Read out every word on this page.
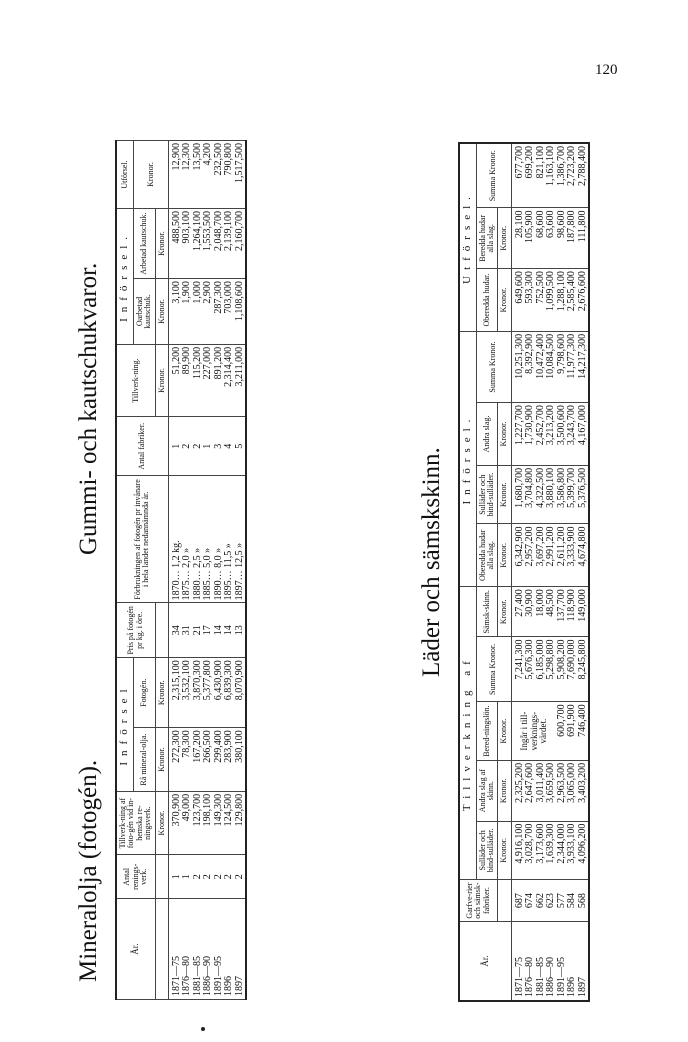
120
Mineralolja (fotogén).
Gummi- och kautschukvaror.
År.	Antal renings-verk.	Tillverk-ning af foto-gén vid in-hemska re-ningsverk.	Införsel		Pris på fotogén pr kg. i öre.	Förbrukningen af fotogén pr invånare i hela landet nedannämnda år.	Antal fabriker.	Tillverk-ning.	Införsel.		Utförsel.
			Rå mineral-olja.	Fotogén.					Oarbetad kautschuk.	Arbetad kautschuk.	Kronor.
		Kronor.	Kronor.	Kronor.				Kronor.	Kronor.	Kronor.	
1871—75	1	370,900	272,300	2,315,100	34	1870… 1,2 kg.	1	51,200	3,100	488,500	12,900
1876—80	1	49,000	78,300	3,532,100	31	1875… 2,0 »	2	89,900	1,900	903,100	12,300
1881—85	2	123,700	167,200	3,870,300	21	1880… 2,5 »	2	115,200	1,000	1,264,100	13,500
1886—90	2	198,100	266,500	5,377,800	17	1885… 5,0 »	1	227,000	2,900	1,553,500	4,200
1891—95	2	149,300	299,400	6,430,900	14	1890… 8,0 »	3	891,200	287,300	2,048,700	232,500
1896	2	124,500	283,900	6,839,300	14	1895… 11,5 »	4	2,314,400	703,000	2,139,100	790,800
1897	2	129,800	380,100	8,070,900	13	1897… 12,5 »	5	3,211,000	1,108,600	2,160,700	1,517,500
Läder och sämskskinn.
År.	Garfve-rier och sämsk-fabriker.	Tillverkning af					Införsel.				Utförsel.		
		Sulläder och bind-sulläder.	Andra slag af skinn.	Bered-ningslön.	Summa Kronor.	Sämsk-skinn.	Oberedda hudar alla slag.	Sulläder och bind-sulläder.	Andra slag.	Summa Kronor.	Oberedda hudar.	Beredda hudar alla slag.	Summa Kronor.
		Kronor.	Kronor.	Kronor.		Kronor.	Kronor.	Kronor.	Kronor.		Kronor.	Kronor.	
1871—75	687	4,916,100	2,325,200	Ingår i till-verknings-värdet.	7,241,300	27,400	6,342,900	1,680,700	1,227,700	10,251,300	649,600	28,100	677,700
1876—80	674	3,028,700	2,647,600		5,676,300	30,900	2,957,200	3,704,800	1,730,900	8,392,900	593,300	105,900	699,200
1881—85	662	3,173,600	3,011,400		6,185,000	18,000	3,697,200	4,322,500	2,452,700	10,472,400	752,500	68,600	821,100
1886—90	623	1,639,300	3,659,500		5,298,800	48,500	2,991,200	3,880,100	3,213,200	10,084,500	1,099,500	63,600	1,163,100
1891—95	577	2,344,000	2,963,500	600,700	5,908,200	137,700	2,611,200	3,586,800	3,500,600	9,798,600	1,288,100	98,600	1,386,700
1896	584	3,933,100	3,065,000	691,900	7,690,000	118,900	3,333,900	5,399,700	3,243,700	11,977,300	2,585,400	187,800	2,723,200
1897	568	4,096,200	3,403,200	746,400	8,245,800	149,000	4,674,800	5,376,500	4,167,000	14,217,300	2,676,600	111,800	2,788,400
